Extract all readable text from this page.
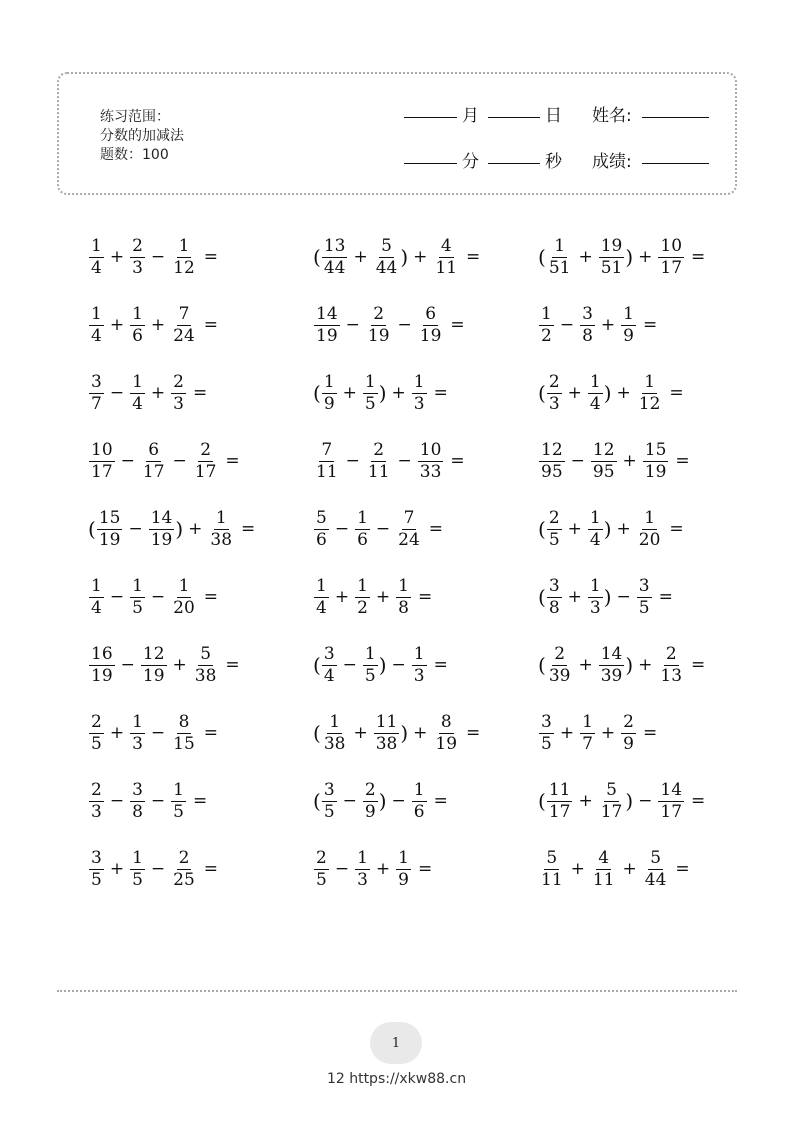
练习范围：
分数的加减法
题数：100
月	日 姓名:
分	秒 成绩:
$\frac{1}{4} + \frac{2}{3} - \frac{1}{12}$ =	( $\frac{13}{44} + \frac{5}{44}$ ) + $\frac{4}{11}$ =	( $\frac{1}{51} + \frac{19}{51}$ ) + $\frac{10}{17}$ =
$\frac{1}{4} + \frac{1}{6} + \frac{7}{24}$ =	$\frac{14}{19} - \frac{2}{19} - \frac{6}{19}$ =	$\frac{1}{2} - \frac{3}{8} + \frac{1}{9}$ =
$\frac{3}{7} - \frac{1}{4} + \frac{2}{3}$ =	( $\frac{1}{9} + \frac{1}{5}$ ) + $\frac{1}{3}$ =	( $\frac{2}{3} + \frac{1}{4}$ ) + $\frac{1}{12}$ =
$\frac{10}{17} - \frac{6}{17} - \frac{2}{17}$ =	$\frac{7}{11} - \frac{2}{11} - \frac{10}{33}$ =	$\frac{12}{95} - \frac{12}{95} + \frac{15}{19}$ =
( $\frac{15}{19} - \frac{14}{19}$ ) + $\frac{1}{38}$ =	$\frac{5}{6} - \frac{1}{6} - \frac{7}{24}$ =	( $\frac{2}{5} + \frac{1}{4}$ ) + $\frac{1}{20}$ =
$\frac{1}{4} - \frac{1}{5} - \frac{1}{20}$ =	$\frac{1}{4} + \frac{1}{2} + \frac{1}{8}$ =	( $\frac{3}{8} + \frac{1}{3}$ ) − $\frac{3}{5}$ =
$\frac{16}{19} - \frac{12}{19} + \frac{5}{38}$ =	( $\frac{3}{4} - \frac{1}{5}$ ) − $\frac{1}{3}$ =	( $\frac{2}{39} + \frac{14}{39}$ ) + $\frac{2}{13}$ =
$\frac{2}{5} + \frac{1}{3} - \frac{8}{15}$ =	( $\frac{1}{38} + \frac{11}{38}$ ) + $\frac{8}{19}$ =	$\frac{3}{5} + \frac{1}{7} + \frac{2}{9}$ =
$\frac{2}{3} - \frac{3}{8} - \frac{1}{5}$ =	( $\frac{3}{5} - \frac{2}{9}$ ) − $\frac{1}{6}$ =	( $\frac{11}{17} + \frac{5}{17}$ ) − $\frac{14}{17}$ =
$\frac{3}{5} + \frac{1}{5} - \frac{2}{25}$ =	$\frac{2}{5} - \frac{1}{3} + \frac{1}{9}$ =	$\frac{5}{11} + \frac{4}{11} + \frac{5}{44}$ =
1
12 https://xkw88.cn
